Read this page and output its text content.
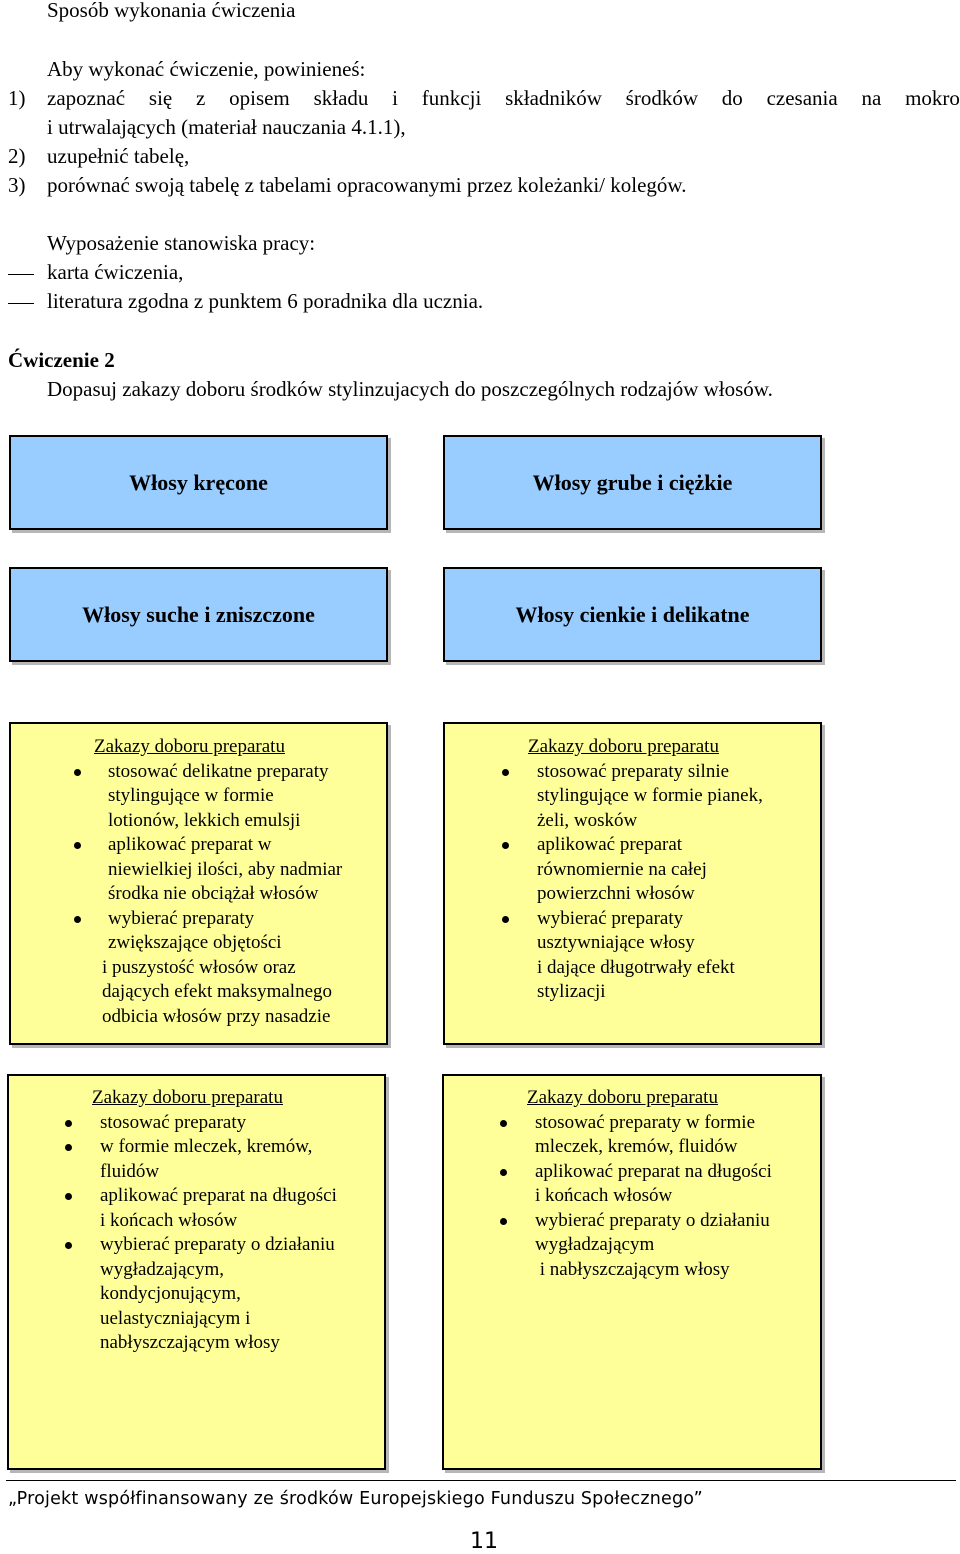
Sposób wykonania ćwiczenia
Aby wykonać ćwiczenie, powinieneś:
1) zapoznać się z opisem składu i funkcji składników środków do czesania na mokro
i utrwalających (materiał nauczania 4.1.1),
2) uzupełnić tabelę,
3) porównać swoją tabelę z tabelami opracowanymi przez koleżanki/ kolegów.
Wyposażenie stanowiska pracy:
karta ćwiczenia,
literatura zgodna z punktem 6 poradnika dla ucznia.
Ćwiczenie 2
Dopasuj zakazy doboru środków stylinzujacych do poszczególnych rodzajów włosów.
Włosy kręcone	Włosy grube i ciężkie
Włosy suche i zniszczone	Włosy cienkie i delikatne
Zakazy doboru preparatu
stosować delikatne preparaty
stylingujące w formie
lotionów, lekkich emulsji
aplikować preparat w
niewielkiej ilości, aby nadmiar
środka nie obciążał włosów
wybierać preparaty
zwiększające objętości
i puszystość włosów oraz
dających efekt maksymalnego
odbicia włosów przy nasadzie
Zakazy doboru preparatu
stosować preparaty silnie
stylingujące w formie pianek,
żeli, wosków
aplikować preparat
równomiernie na całej
powierzchni włosów
wybierać preparaty
usztywniające włosy
i dające długotrwały efekt
stylizacji
Zakazy doboru preparatu
stosować preparaty
w formie mleczek, kremów,
fluidów
aplikować preparat na długości
i końcach włosów
wybierać preparaty o działaniu
wygładzającym,
kondycjonującym,
uelastyczniającym i
nabłyszczającym włosy
Zakazy doboru preparatu
stosować preparaty w formie
mleczek, kremów, fluidów
aplikować preparat na długości
i końcach włosów
wybierać preparaty o działaniu
wygładzającym
i nabłyszczającym włosy
„Projekt współfinansowany ze środków Europejskiego Funduszu Społecznego”
11
